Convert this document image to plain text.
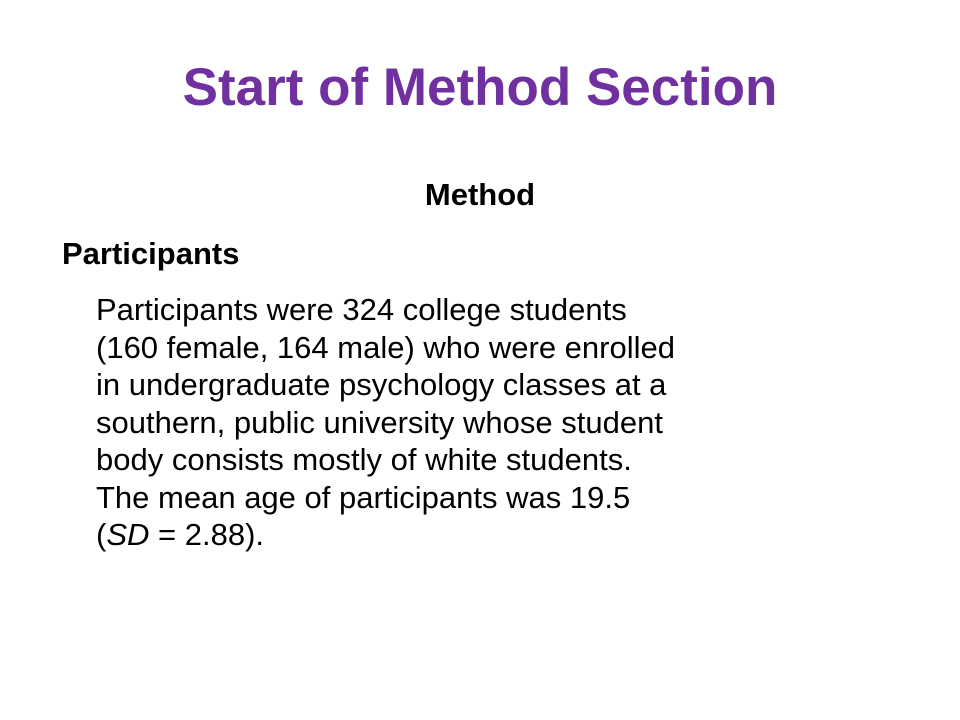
Start of Method Section
Method
Participants

Participants were 324 college students
(160 female, 164 male) who were enrolled
in undergraduate psychology classes at a
southern, public university whose student
body consists mostly of white students.
The mean age of participants was 19.5
(SD = 2.88).
